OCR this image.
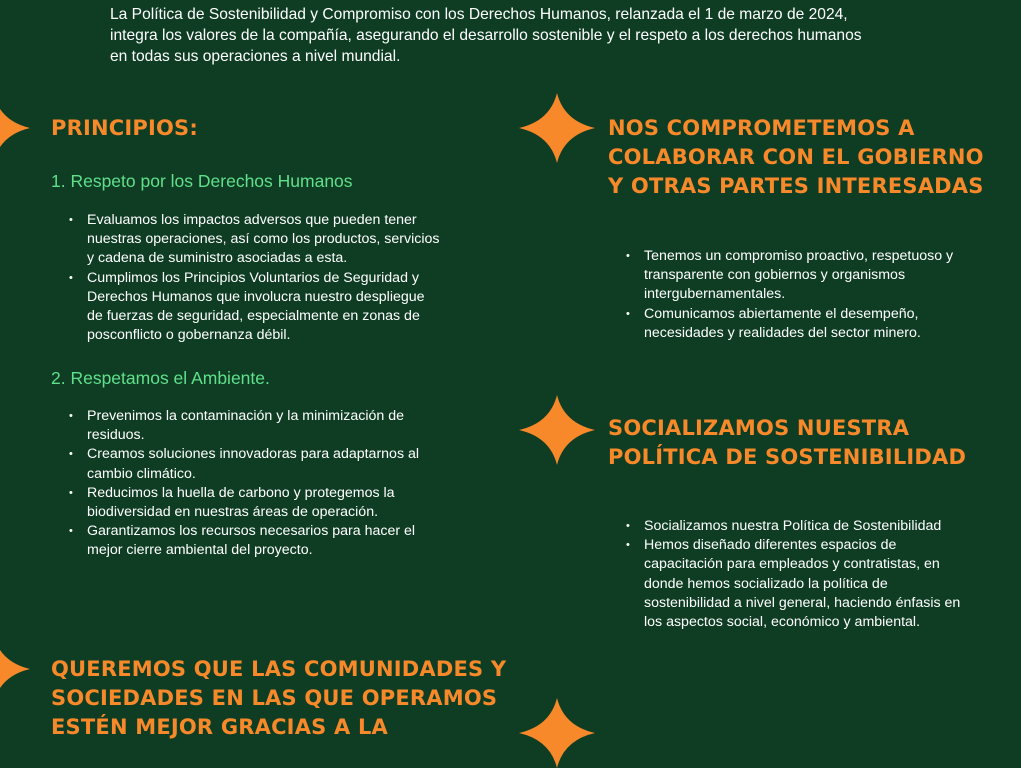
La Política de Sostenibilidad y Compromiso con los Derechos Humanos, relanzada el 1 de marzo de 2024,
integra los valores de la compañía, asegurando el desarrollo sostenible y el respeto a los derechos humanos
en todas sus operaciones a nivel mundial.
PRINCIPIOS:
1. Respeto por los Derechos Humanos
• Evaluamos los impactos adversos que pueden tener
nuestras operaciones, así como los productos, servicios
y cadena de suministro asociadas a esta.
• Cumplimos los Principios Voluntarios de Seguridad y
Derechos Humanos que involucra nuestro despliegue
de fuerzas de seguridad, especialmente en zonas de
posconflicto o gobernanza débil.
2. Respetamos el Ambiente.
• Prevenimos la contaminación y la minimización de
residuos.
• Creamos soluciones innovadoras para adaptarnos al
cambio climático.
• Reducimos la huella de carbono y protegemos la
biodiversidad en nuestras áreas de operación.
• Garantizamos los recursos necesarios para hacer el
mejor cierre ambiental del proyecto.
NOS COMPROMETEMOS A
COLABORAR CON EL GOBIERNO
Y OTRAS PARTES INTERESADAS
• Tenemos un compromiso proactivo, respetuoso y
transparente con gobiernos y organismos
intergubernamentales.
• Comunicamos abiertamente el desempeño,
necesidades y realidades del sector minero.
SOCIALIZAMOS NUESTRA
POLÍTICA DE SOSTENIBILIDAD
• Socializamos nuestra Política de Sostenibilidad
• Hemos diseñado diferentes espacios de
capacitación para empleados y contratistas, en
donde hemos socializado la política de
sostenibilidad a nivel general, haciendo énfasis en
los aspectos social, económico y ambiental.
QUEREMOS QUE LAS COMUNIDADES Y
SOCIEDADES EN LAS QUE OPERAMOS
ESTÉN MEJOR GRACIAS A LA
